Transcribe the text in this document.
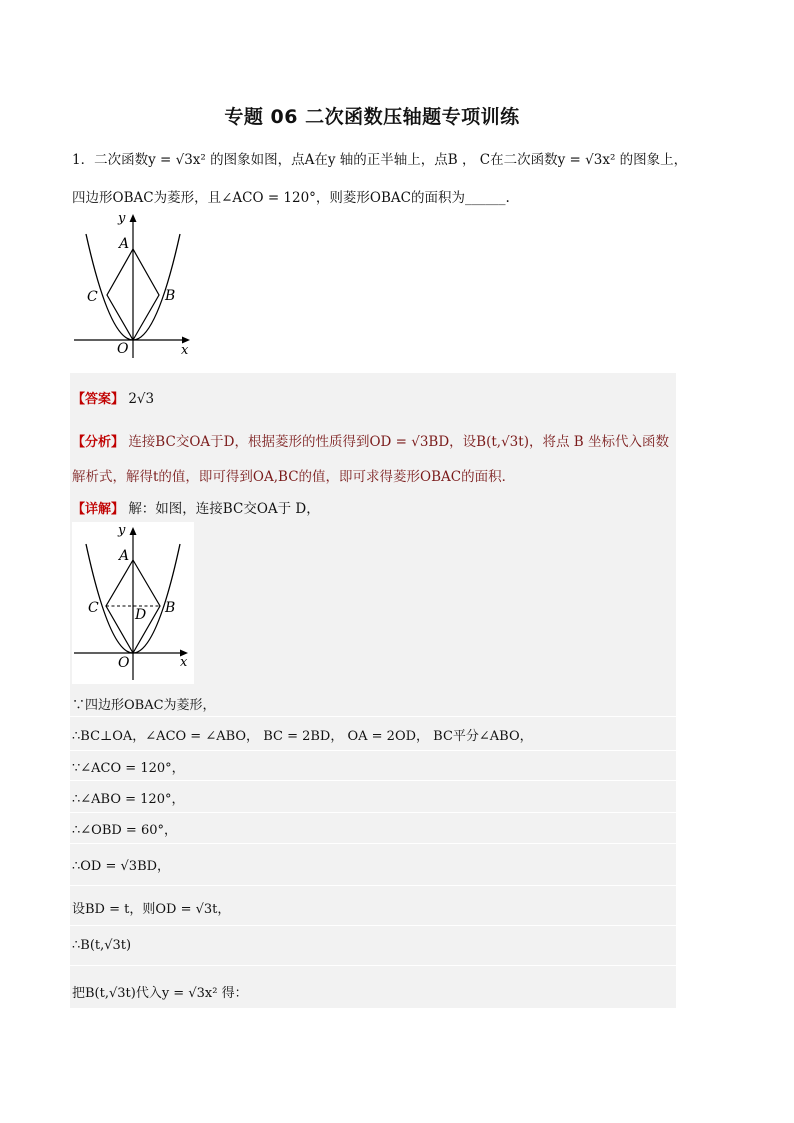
专题 06 二次函数压轴题专项训练
1．二次函数y = √3x² 的图象如图，点A在y 轴的正半轴上，点B ， C在二次函数y = √3x² 的图象上，
四边形OBAC为菱形，且∠ACO = 120°，则菱形OBAC的面积为______.
y
A
C	B
O	x
【答案】 2√3
【分析】 连接BC交OA于D，根据菱形的性质得到OD = √3BD，设B(t,√3t)，将点 B 坐标代入函数
解析式，解得t的值，即可得到OA,BC的值，即可求得菱形OBAC的面积．
【详解】 解：如图，连接BC交OA于 D，
y
A
C	D B
O	x
∵四边形OBAC为菱形，
∴BC⊥OA，∠ACO = ∠ABO， BC = 2BD， OA = 2OD， BC平分∠ABO，
∵∠ACO = 120°，
∴∠ABO = 120°，
∴∠OBD = 60°，
∴OD = √3BD，
设BD = t，则OD = √3t，
∴B(t,√3t)
把B(t,√3t)代入y = √3x² 得：
